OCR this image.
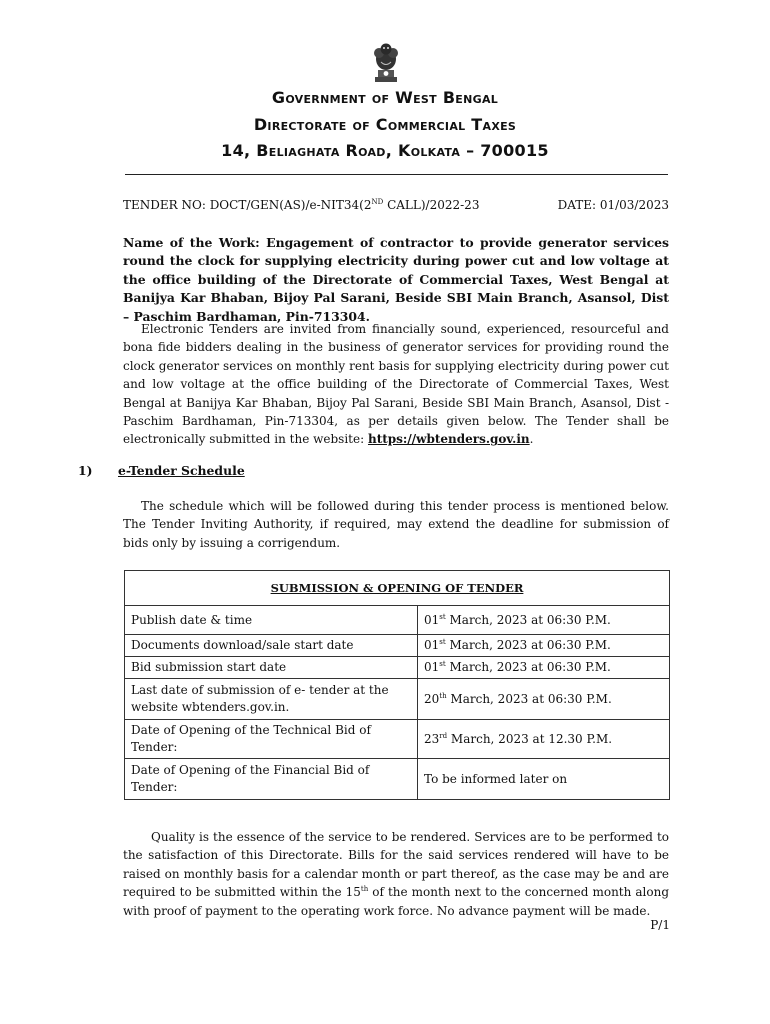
Government of West Bengal
Directorate of Commercial Taxes
14, Beliaghata Road, Kolkata – 700015
TENDER NO: DOCT/GEN(AS)/e-NIT34(2ND CALL)/2022-23	DATE: 01/03/2023
Name of the Work: Engagement of contractor to provide generator services round the clock for supplying electricity during power cut and low voltage at the office building of the Directorate of Commercial Taxes, West Bengal at Banijya Kar Bhaban, Bijoy Pal Sarani, Beside SBI Main Branch, Asansol, Dist – Paschim Bardhaman, Pin-713304.
Electronic Tenders are invited from financially sound, experienced, resourceful and bona fide bidders dealing in the business of generator services for providing round the clock generator services on monthly rent basis for supplying electricity during power cut and low voltage at the office building of the Directorate of Commercial Taxes, West Bengal at Banijya Kar Bhaban, Bijoy Pal Sarani, Beside SBI Main Branch, Asansol, Dist - Paschim Bardhaman, Pin-713304, as per details given below. The Tender shall be electronically submitted in the website: https://wbtenders.gov.in.
1) e-Tender Schedule
The schedule which will be followed during this tender process is mentioned below. The Tender Inviting Authority, if required, may extend the deadline for submission of bids only by issuing a corrigendum.
SUBMISSION & OPENING OF TENDER	
Publish date & time	01st March, 2023 at 06:30 P.M.
Documents download/sale start date	01st March, 2023 at 06:30 P.M.
Bid submission start date	01st March, 2023 at 06:30 P.M.
Last date of submission of e- tender at the website wbtenders.gov.in.	20th March, 2023 at 06:30 P.M.
Date of Opening of the Technical Bid of Tender:	23rd March, 2023 at 12.30 P.M.
Date of Opening of the Financial Bid of Tender:	To be informed later on
Quality is the essence of the service to be rendered. Services are to be performed to the satisfaction of this Directorate. Bills for the said services rendered will have to be raised on monthly basis for a calendar month or part thereof, as the case may be and are required to be submitted within the 15th of the month next to the concerned month along with proof of payment to the operating work force. No advance payment will be made.
P/1
